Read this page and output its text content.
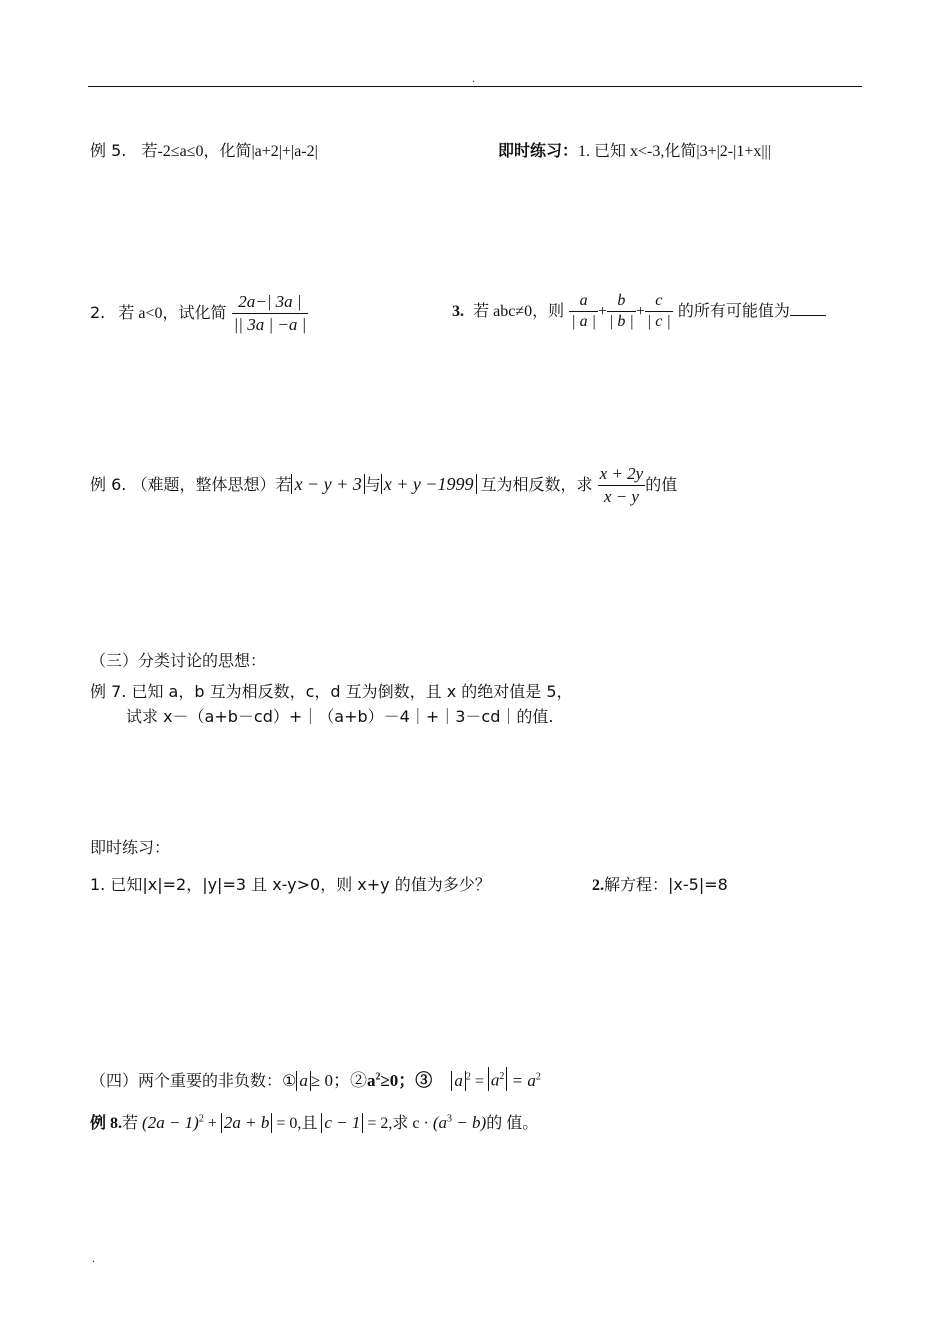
.
例 5. 若-2≤a≤0，化简|a+2|+|a-2|	即时练习：1. 已知 x<-3,化简|3+|2-|1+x|||
2. 若 a<0，试化简 $\frac{2a-| 3a |}{|| 3a | -a |}$	3. 若 abc≠0，则 $\frac{a}{| a |} + \frac{b}{| b |} + \frac{c}{| c |}$ 的所有可能值为
例 6. （难题，整体思想）若 x − y + 3 与 x + y −1999 互为相反数，求 $\frac{x + 2y}{x - y}$ 的值
（三）分类讨论的思想：
例 7. 已知 a，b 互为相反数，c，d 互为倒数，且 x 的绝对值是 5，
试求 x－（a+b－cd）+｜（a+b）－4｜+｜3－cd｜的值.
即时练习：
1. 已知|x|=2，|y|=3 且 x-y>0，则 x+y 的值为多少？	2.解方程：|x-5|=8
（四）两个重要的非负数：① a ≥ 0；$②a^2\ge 0$；③ a $^2 = a^2 = a^2$
例 8.若 $(2a - 1)^2 + 2a + b = 0$,且 c − 1 = 2,求 $c \cdot (a^3 - b)$的 值。
.
